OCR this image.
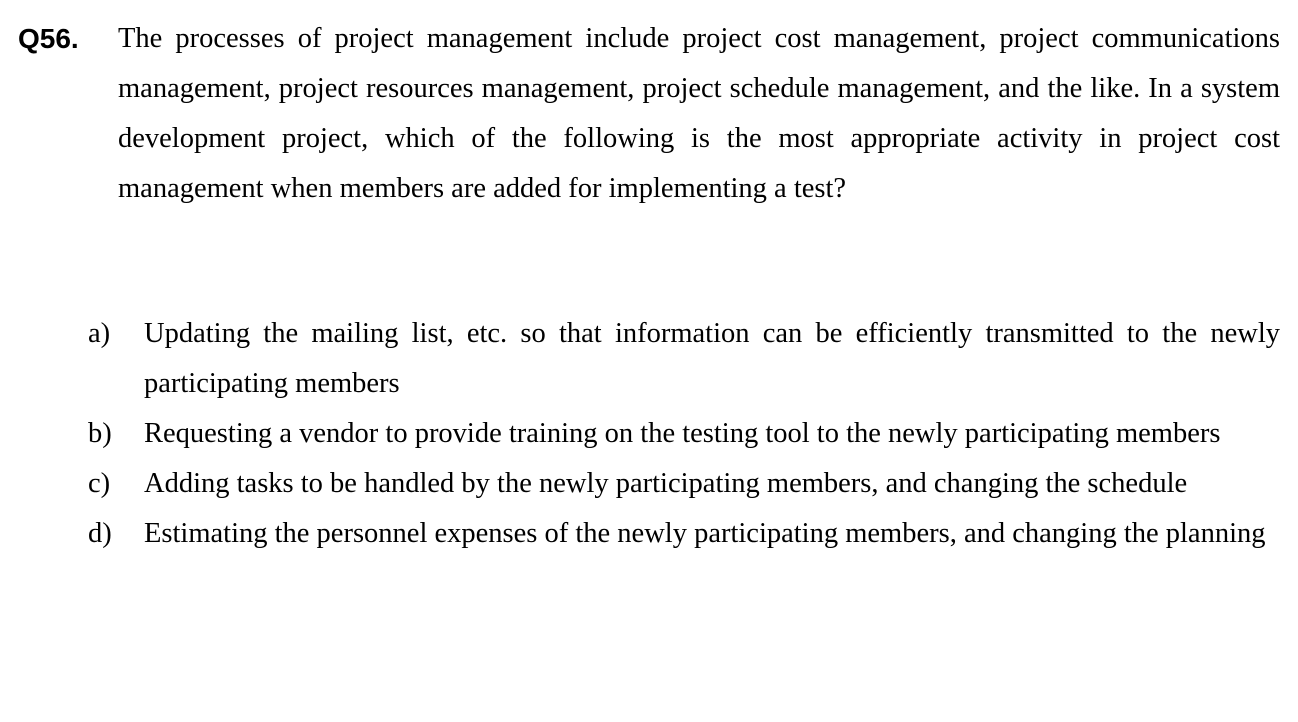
Q56. The processes of project management include project cost management, project communications management, project resources management, project schedule management, and the like. In a system development project, which of the following is the most appropriate activity in project cost management when members are added for implementing a test?
a) Updating the mailing list, etc. so that information can be efficiently transmitted to the newly participating members
b) Requesting a vendor to provide training on the testing tool to the newly participating members
c) Adding tasks to be handled by the newly participating members, and changing the schedule
d) Estimating the personnel expenses of the newly participating members, and changing the planning
